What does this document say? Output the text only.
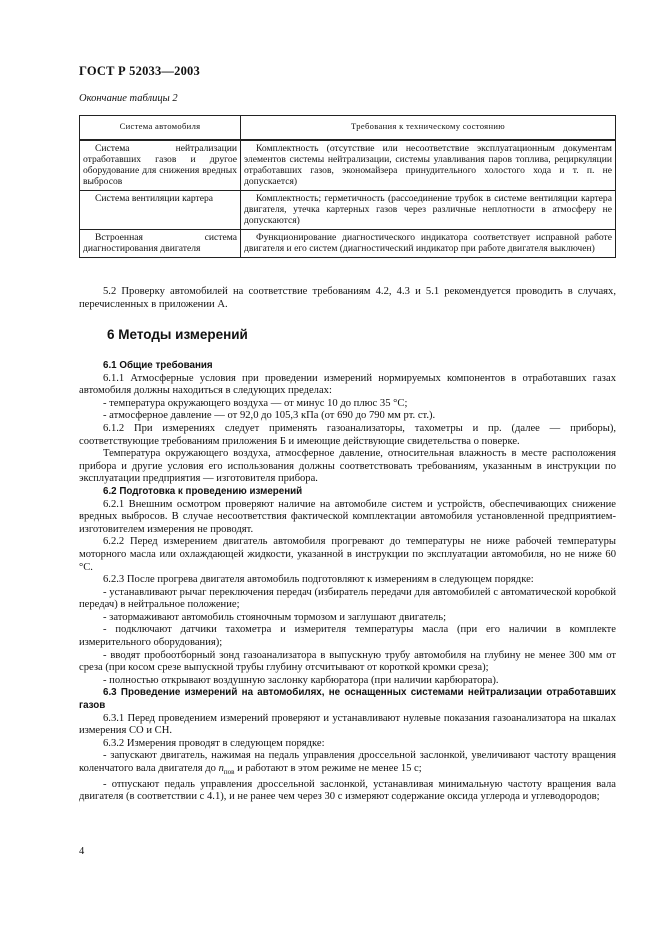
ГОСТ Р 52033—2003
Окончание таблицы 2
Система автомобиля	Требования к техническому состоянию
Система нейтрализации отработавших газов и другое оборудование для снижения вредных выбросов	Комплектность (отсутствие или несоответствие эксплуатационным документам элементов системы нейтрализации, системы улавливания паров топлива, рециркуляции отработавших газов, экономайзера принудительного холостого хода и т. п. не допускается)
Система вентиляции картера	Комплектность; герметичность (рассоединение трубок в системе вентиляции картера двигателя, утечка картерных газов через различные неплотности в атмосферу не допускаются)
Встроенная система диагностирования двигателя	Функционирование диагностического индикатора соответствует исправной работе двигателя и его систем (диагностический индикатор при работе двигателя выключен)

5.2 Проверку автомобилей на соответствие требованиям 4.2, 4.3 и 5.1 рекомендуется проводить в случаях, перечисленных в приложении А.

6 Методы измерений

6.1 Общие требования

6.1.1 Атмосферные условия при проведении измерений нормируемых компонентов в отработавших газах автомобиля должны находиться в следующих пределах:

- температура окружающего воздуха — от минус 10 до плюс 35 °С;

- атмосферное давление — от 92,0 до 105,3 кПа (от 690 до 790 мм рт. ст.).

6.1.2 При измерениях следует применять газоанализаторы, тахометры и пр. (далее — приборы), соответствующие требованиям приложения Б и имеющие действующие свидетельства о поверке.

Температура окружающего воздуха, атмосферное давление, относительная влажность в месте расположения прибора и другие условия его использования должны соответствовать требованиям, указанным в инструкции по эксплуатации предприятия — изготовителя прибора.

6.2 Подготовка к проведению измерений

6.2.1 Внешним осмотром проверяют наличие на автомобиле систем и устройств, обеспечивающих снижение вредных выбросов. В случае несоответствия фактической комплектации автомобиля установленной предприятием-изготовителем измерения не проводят.

6.2.2 Перед измерением двигатель автомобиля прогревают до температуры не ниже рабочей температуры моторного масла или охлаждающей жидкости, указанной в инструкции по эксплуатации автомобиля, но не ниже 60 °С.

6.2.3 После прогрева двигателя автомобиль подготовляют к измерениям в следующем порядке:

- устанавливают рычаг переключения передач (избиратель передачи для автомобилей с автоматической коробкой передач) в нейтральное положение;

- затормаживают автомобиль стояночным тормозом и заглушают двигатель;

- подключают датчики тахометра и измерителя температуры масла (при его наличии в комплекте измерительного оборудования);

- вводят пробоотборный зонд газоанализатора в выпускную трубу автомобиля на глубину не менее 300 мм от среза (при косом срезе выпускной трубы глубину отсчитывают от короткой кромки среза);

- полностью открывают воздушную заслонку карбюратора (при наличии карбюратора).

6.3 Проведение измерений на автомобилях, не оснащенных системами нейтрализации отработавших газов

6.3.1 Перед проведением измерений проверяют и устанавливают нулевые показания газоанализатора на шкалах измерения СО и СН.

6.3.2 Измерения проводят в следующем порядке:

- запускают двигатель, нажимая на педаль управления дроссельной заслонкой, увеличивают частоту вращения коленчатого вала двигателя до $n_{пов}$ и работают в этом режиме не менее 15 с;

- отпускают педаль управления дроссельной заслонкой, устанавливая минимальную частоту вращения вала двигателя (в соответствии с 4.1), и не ранее чем через 30 с измеряют содержание оксида углерода и углеводородов;

4
